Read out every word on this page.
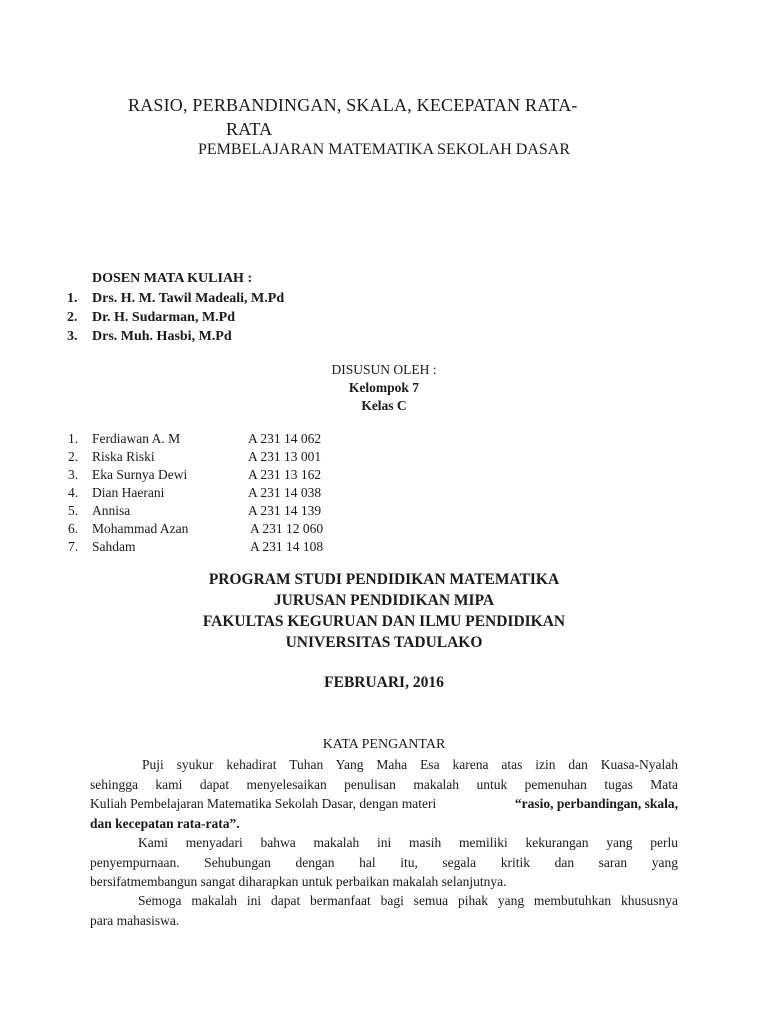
RASIO, PERBANDINGAN, SKALA, KECEPATAN RATA-
RATA
PEMBELAJARAN MATEMATIKA SEKOLAH DASAR
DOSEN MATA KULIAH :
1. Drs. H. M. Tawil Madeali, M.Pd
2. Dr. H. Sudarman, M.Pd
3. Drs. Muh. Hasbi, M.Pd
DISUSUN OLEH :
Kelompok 7
Kelas C
1. Ferdiawan A. M	A 231 14 062
2. Riska Riski	A 231 13 001
3. Eka Surnya Dewi	A 231 13 162
4. Dian Haerani	A 231 14 038
5. Annisa	A 231 14 139
6. Mohammad Azan	A 231 12 060
7. Sahdam	A 231 14 108
PROGRAM STUDI PENDIDIKAN MATEMATIKA
JURUSAN PENDIDIKAN MIPA
FAKULTAS KEGURUAN DAN ILMU PENDIDIKAN
UNIVERSITAS TADULAKO
FEBRUARI, 2016
KATA PENGANTAR
Puji syukur kehadirat Tuhan Yang Maha Esa karena atas izin dan Kuasa-Nyalah
sehingga kami dapat menyelesaikan penulisan makalah untuk pemenuhan tugas Mata
Kuliah Pembelajaran Matematika Sekolah Dasar, dengan materi	“rasio, perbandingan, skala,
dan kecepatan rata-rata”.
Kami menyadari bahwa makalah ini masih memiliki kekurangan yang perlu
penyempurnaan. Sehubungan dengan hal itu, segala kritik dan saran yang
bersifatmembangun sangat diharapkan untuk perbaikan makalah selanjutnya.
Semoga makalah ini dapat bermanfaat bagi semua pihak yang membutuhkan khususnya
para mahasiswa.
